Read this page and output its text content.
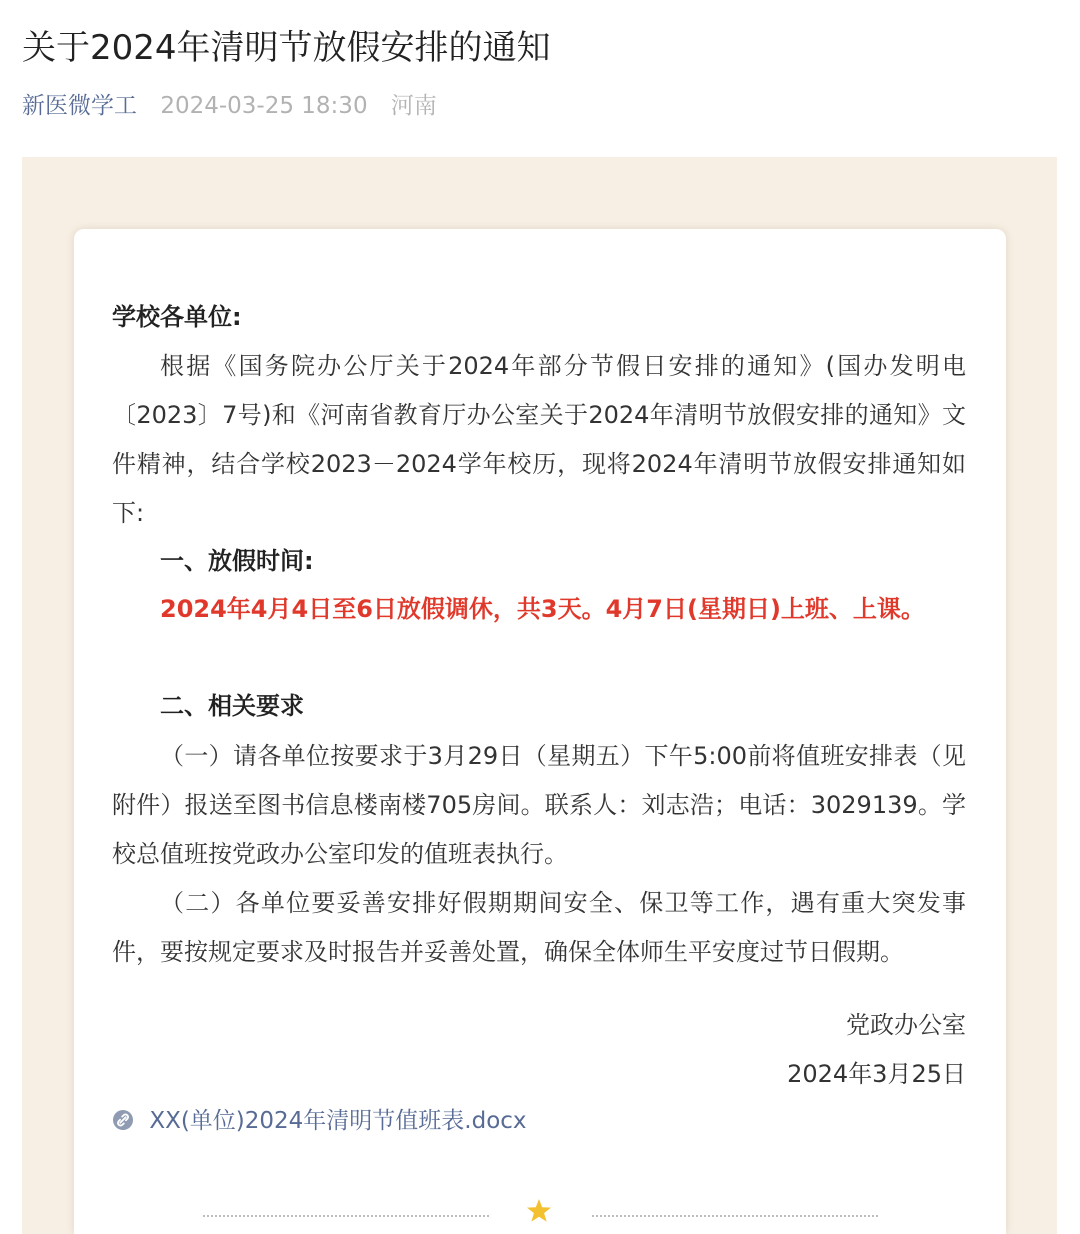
关于2024年清明节放假安排的通知
新医微学工 2024-03-25 18:30 河南

学校各单位:

根据《国务院办公厅关于2024年部分节假日安排的通知》(国办发明电〔2023〕7号)和《河南省教育厅办公室关于2024年清明节放假安排的通知》文件精神，结合学校2023－2024学年校历，现将2024年清明节放假安排通知如下:

一、放假时间:

2024年4月4日至6日放假调休，共3天。4月7日(星期日)上班、上课。

二、相关要求

（一）请各单位按要求于3月29日（星期五）下午5:00前将值班安排表（见附件）报送至图书信息楼南楼705房间。联系人：刘志浩；电话：3029139。学校总值班按党政办公室印发的值班表执行。

（二）各单位要妥善安排好假期期间安全、保卫等工作，遇有重大突发事件，要按规定要求及时报告并妥善处置，确保全体师生平安度过节日假期。

党政办公室
2024年3月25日
XX(单位)2024年清明节值班表.docx
